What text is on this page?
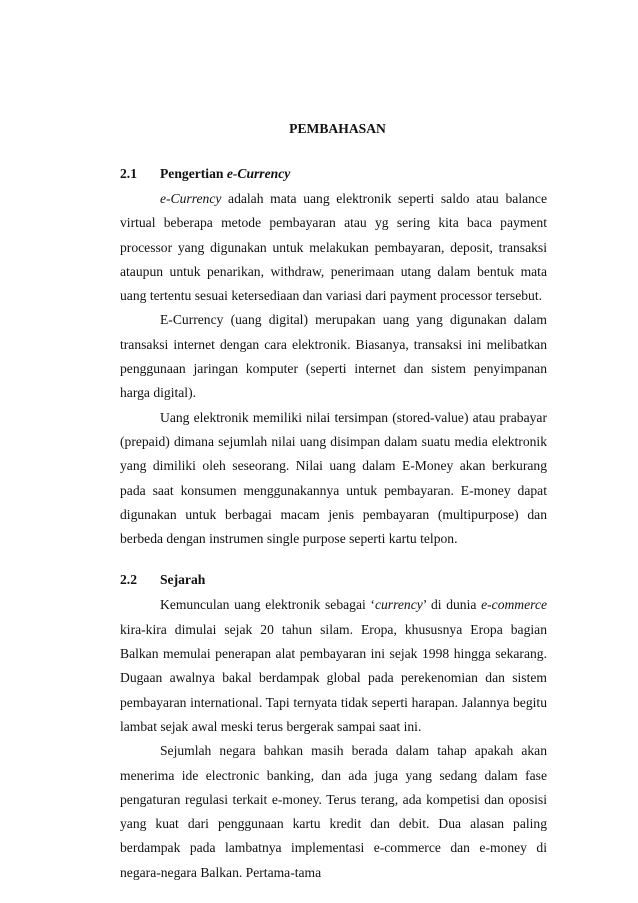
PEMBAHASAN
2.1	Pengertian e-Currency

e-Currency adalah mata uang elektronik seperti saldo atau balance virtual beberapa metode pembayaran atau yg sering kita baca payment processor yang digunakan untuk melakukan pembayaran, deposit, transaksi ataupun untuk penarikan, withdraw, penerimaan utang dalam bentuk mata uang tertentu sesuai ketersediaan dan variasi dari payment processor tersebut.

E-Currency (uang digital) merupakan uang yang digunakan dalam transaksi internet dengan cara elektronik. Biasanya, transaksi ini melibatkan penggunaan jaringan komputer (seperti internet dan sistem penyimpanan harga digital).

Uang elektronik memiliki nilai tersimpan (stored-value) atau prabayar (prepaid) dimana sejumlah nilai uang disimpan dalam suatu media elektronik yang dimiliki oleh seseorang. Nilai uang dalam E-Money akan berkurang pada saat konsumen menggunakannya untuk pembayaran. E-money dapat digunakan untuk berbagai macam jenis pembayaran (multipurpose) dan berbeda dengan instrumen single purpose seperti kartu telpon.

2.2	Sejarah

Kemunculan uang elektronik sebagai ‘currency’ di dunia e-commerce kira-kira dimulai sejak 20 tahun silam. Eropa, khususnya Eropa bagian Balkan memulai penerapan alat pembayaran ini sejak 1998 hingga sekarang. Dugaan awalnya bakal berdampak global pada perekenomian dan sistem pembayaran international. Tapi ternyata tidak seperti harapan. Jalannya begitu lambat sejak awal meski terus bergerak sampai saat ini.

Sejumlah negara bahkan masih berada dalam tahap apakah akan menerima ide electronic banking, dan ada juga yang sedang dalam fase pengaturan regulasi terkait e-money. Terus terang, ada kompetisi dan oposisi yang kuat dari penggunaan kartu kredit dan debit. Dua alasan paling berdampak pada lambatnya implementasi e-commerce dan e-money di negara-negara Balkan. Pertama-tama
